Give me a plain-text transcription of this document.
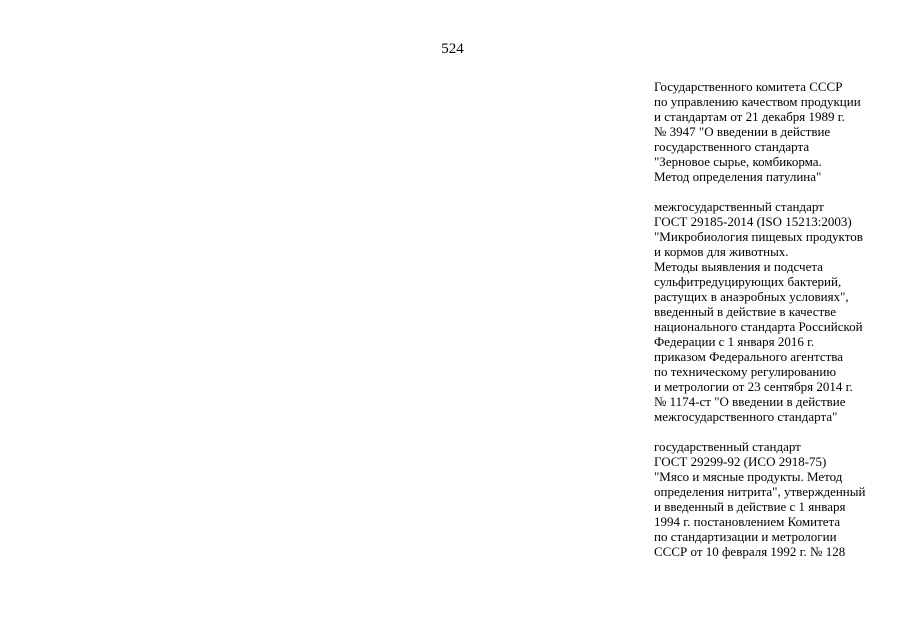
524
Государственного комитета СССР
по управлению качеством продукции
и стандартам от 21 декабря 1989 г.
№ 3947 "О введении в действие
государственного стандарта
"Зерновое сырье, комбикорма.
Метод определения патулина"
межгосударственный стандарт
ГОСТ 29185-2014 (ISO 15213:2003)
"Микробиология пищевых продуктов
и кормов для животных.
Методы выявления и подсчета
сульфитредуцирующих бактерий,
растущих в анаэробных условиях",
введенный в действие в качестве
национального стандарта Российской
Федерации с 1 января 2016 г.
приказом Федерального агентства
по техническому регулированию
и метрологии от 23 сентября 2014 г.
№ 1174-ст "О введении в действие
межгосударственного стандарта"
государственный стандарт
ГОСТ 29299-92 (ИСО 2918-75)
"Мясо и мясные продукты. Метод
определения нитрита", утвержденный
и введенный в действие с 1 января
1994 г. постановлением Комитета
по стандартизации и метрологии
СССР от 10 февраля 1992 г. № 128
